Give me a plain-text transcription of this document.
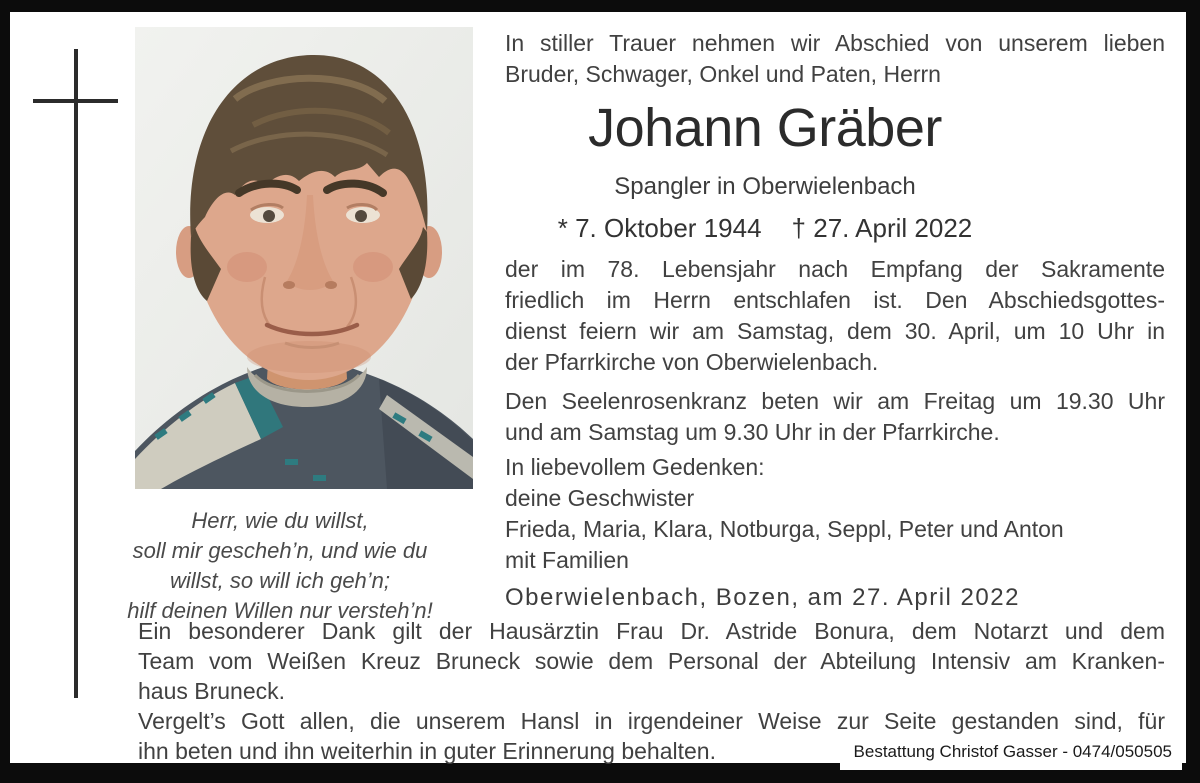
Herr, wie du willst,
soll mir gescheh’n, und wie du
willst, so will ich geh’n;
hilf deinen Willen nur versteh’n!
In stiller Trauer nehmen wir Abschied von unserem lieben
Bruder, Schwager, Onkel und Paten, Herrn
Johann Gräber
Spangler in Oberwielenbach
* 7. Oktober 1944 † 27. April 2022
der im 78. Lebensjahr nach Empfang der Sakramente
friedlich im Herrn entschlafen ist. Den Abschiedsgottes-
dienst feiern wir am Samstag, dem 30. April, um 10 Uhr in
der Pfarrkirche von Oberwielenbach.
Den Seelenrosenkranz beten wir am Freitag um 19.30 Uhr
und am Samstag um 9.30 Uhr in der Pfarrkirche.
In liebevollem Gedenken:
deine Geschwister
Frieda, Maria, Klara, Notburga, Seppl, Peter und Anton
mit Familien
Oberwielenbach, Bozen, am 27. April 2022
Ein besonderer Dank gilt der Hausärztin Frau Dr. Astride Bonura, dem Notarzt und dem
Team vom Weißen Kreuz Bruneck sowie dem Personal der Abteilung Intensiv am Kranken-
haus Bruneck.
Vergelt’s Gott allen, die unserem Hansl in irgendeiner Weise zur Seite gestanden sind, für
ihn beten und ihn weiterhin in guter Erinnerung behalten.	Bestattung Christof Gasser - 0474/050505
